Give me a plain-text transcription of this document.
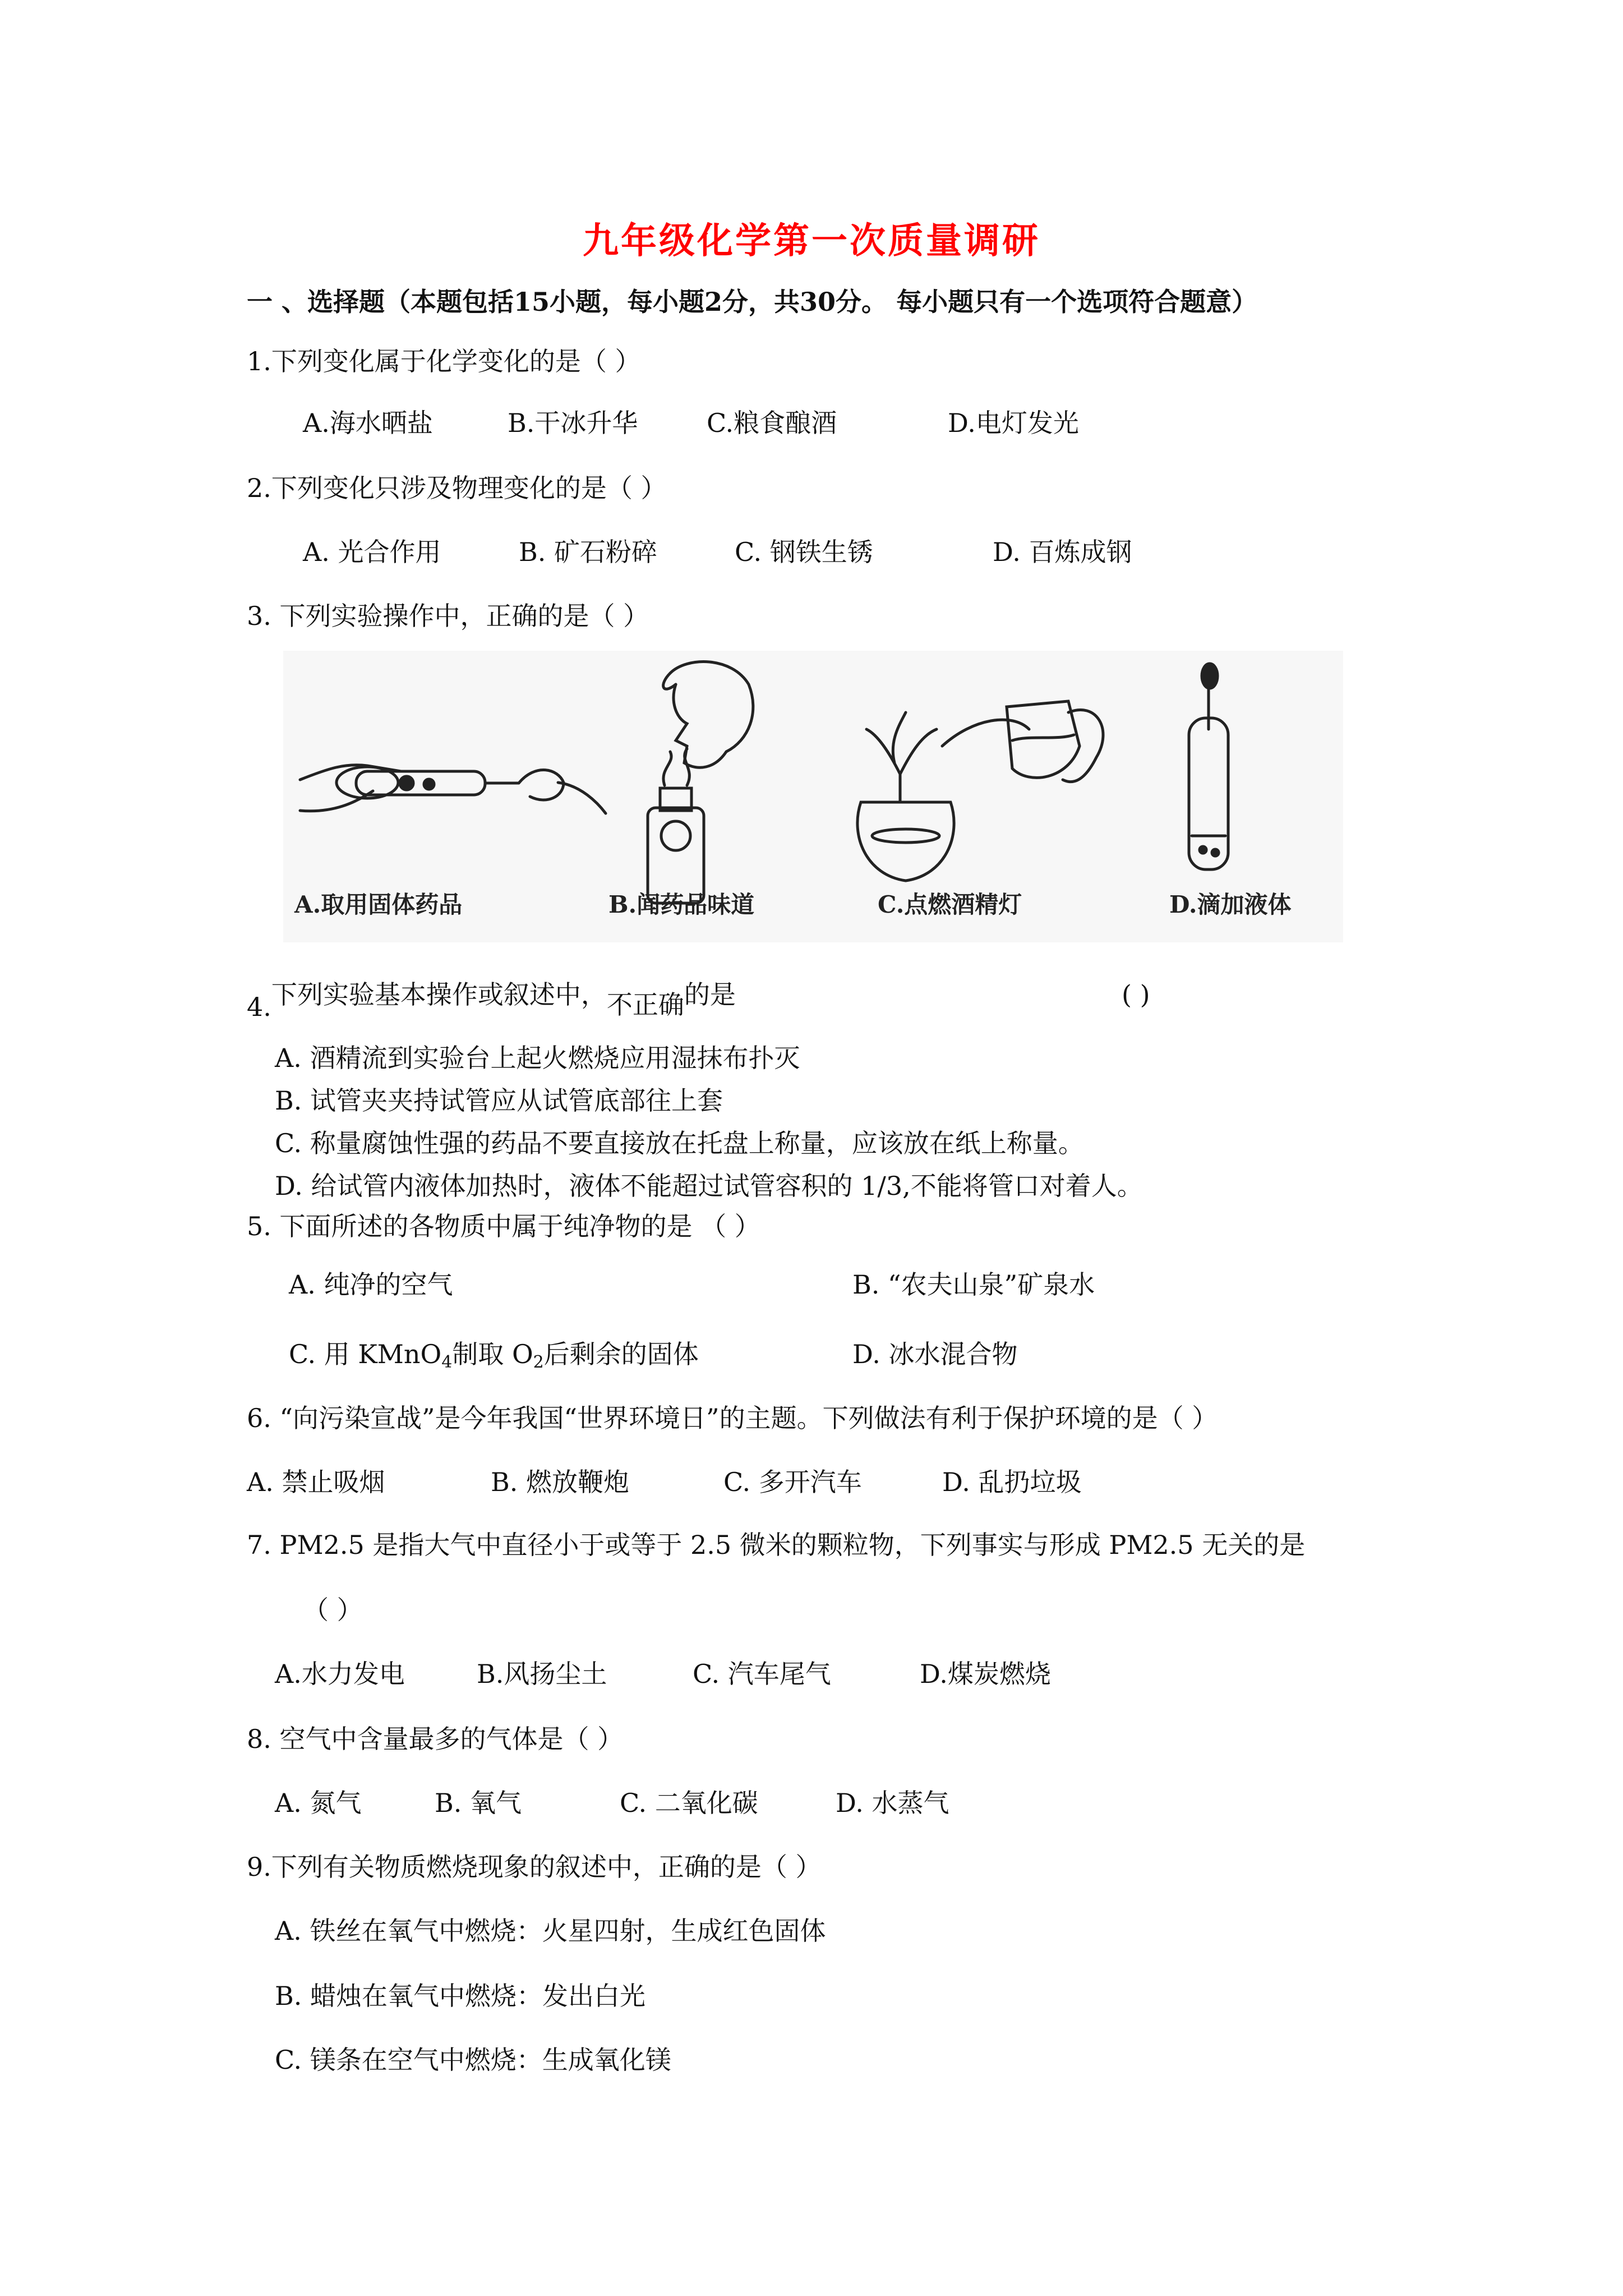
九年级化学第一次质量调研
一 、选择题（本题包括15小题，每小题2分，共30分。 每小题只有一个选项符合题意）
1.下列变化属于化学变化的是（ ）
A.海水晒盐	B.干冰升华	C.粮食酿酒	D.电灯发光
2.下列变化只涉及物理变化的是（ ）
A. 光合作用	B. 矿石粉碎	C. 钢铁生锈	D. 百炼成钢
3. 下列实验操作中，正确的是（ ）
A.取用固体药品	B.闻药品味道	C.点燃酒精灯	D.滴加液体
4.下列实验基本操作或叙述中，不正确的是	( )
A. 酒精流到实验台上起火燃烧应用湿抹布扑灭
B. 试管夹夹持试管应从试管底部往上套
C. 称量腐蚀性强的药品不要直接放在托盘上称量，应该放在纸上称量。
D. 给试管内液体加热时，液体不能超过试管容积的 1/3,不能将管口对着人。
5. 下面所述的各物质中属于纯净物的是 （ ）
A. 纯净的空气	B. “农夫山泉”矿泉水
C. 用 KMnO$_4$制取 $O_2$后剩余的固体	D. 冰水混合物
6. “向污染宣战”是今年我国“世界环境日”的主题。下列做法有利于保护环境的是（ ）
A. 禁止吸烟	B. 燃放鞭炮	C. 多开汽车	D. 乱扔垃圾
7. PM2.5 是指大气中直径小于或等于 2.5 微米的颗粒物，下列事实与形成 PM2.5 无关的是
（ ）
A.水力发电	B.风扬尘土	C. 汽车尾气	D.煤炭燃烧
8. 空气中含量最多的气体是（ ）
A. 氮气	B. 氧气	C. 二氧化碳	D. 水蒸气
9.下列有关物质燃烧现象的叙述中，正确的是（ ）
A. 铁丝在氧气中燃烧：火星四射，生成红色固体
B. 蜡烛在氧气中燃烧：发出白光
C. 镁条在空气中燃烧：生成氧化镁
